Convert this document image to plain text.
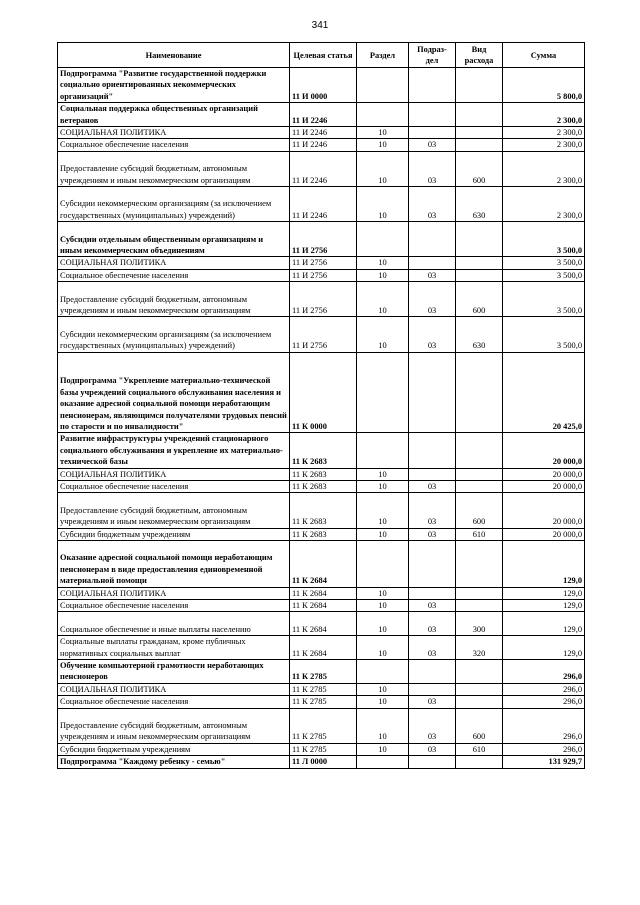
341
Наименование	Целевая статья	Раздел	Подраз-дел	Вид расхода	Сумма
Подпрограмма "Развитие государственной поддержки социально ориентированных некоммерческих организаций"	11 И 0000				5 800,0
Социальная поддержка общественных организаций ветеранов	11 И 2246				2 300,0
СОЦИАЛЬНАЯ ПОЛИТИКА	11 И 2246	10			2 300,0
Социальное обеспечение населения	11 И 2246	10	03		2 300,0
Предоставление субсидий бюджетным, автономным учреждениям и иным некоммерческим организациям	11 И 2246	10	03	600	2 300,0
Субсидии некоммерческим организациям (за исключением государственных (муниципальных) учреждений)	11 И 2246	10	03	630	2 300,0
Субсидии отдельным общественным организациям и иным некоммерческим объединениям	11 И 2756				3 500,0
СОЦИАЛЬНАЯ ПОЛИТИКА	11 И 2756	10			3 500,0
Социальное обеспечение населения	11 И 2756	10	03		3 500,0
Предоставление субсидий бюджетным, автономным учреждениям и иным некоммерческим организациям	11 И 2756	10	03	600	3 500,0
Субсидии некоммерческим организациям (за исключением государственных (муниципальных) учреждений)	11 И 2756	10	03	630	3 500,0
Подпрограмма "Укрепление материально-технической базы учреждений социального обслуживания населения и оказание адресной социальной помощи неработающим пенсионерам, являющимся получателями трудовых пенсий по старости и по инвалидности"	11 К 0000				20 425,0
Развитие инфраструктуры учреждений стационарного социального обслуживания и укрепление их материально-технической базы	11 К 2683				20 000,0
СОЦИАЛЬНАЯ ПОЛИТИКА	11 К 2683	10			20 000,0
Социальное обеспечение населения	11 К 2683	10	03		20 000,0
Предоставление субсидий бюджетным, автономным учреждениям и иным некоммерческим организациям	11 К 2683	10	03	600	20 000,0
Субсидии бюджетным учреждениям	11 К 2683	10	03	610	20 000,0
Оказание адресной социальной помощи неработающим пенсионерам в виде предоставления единовременной материальной помощи	11 К 2684				129,0
СОЦИАЛЬНАЯ ПОЛИТИКА	11 К 2684	10			129,0
Социальное обеспечение населения	11 К 2684	10	03		129,0
Социальное обеспечение и иные выплаты населению	11 К 2684	10	03	300	129,0
Социальные выплаты гражданам, кроме публичных нормативных социальных выплат	11 К 2684	10	03	320	129,0
Обучение компьютерной грамотности неработающих пенсионеров	11 К 2785				296,0
СОЦИАЛЬНАЯ ПОЛИТИКА	11 К 2785	10			296,0
Социальное обеспечение населения	11 К 2785	10	03		296,0
Предоставление субсидий бюджетным, автономным учреждениям и иным некоммерческим организациям	11 К 2785	10	03	600	296,0
Субсидии бюджетным учреждениям	11 К 2785	10	03	610	296,0
Подпрограмма "Каждому ребенку - семью"	11 Л 0000				131 929,7
